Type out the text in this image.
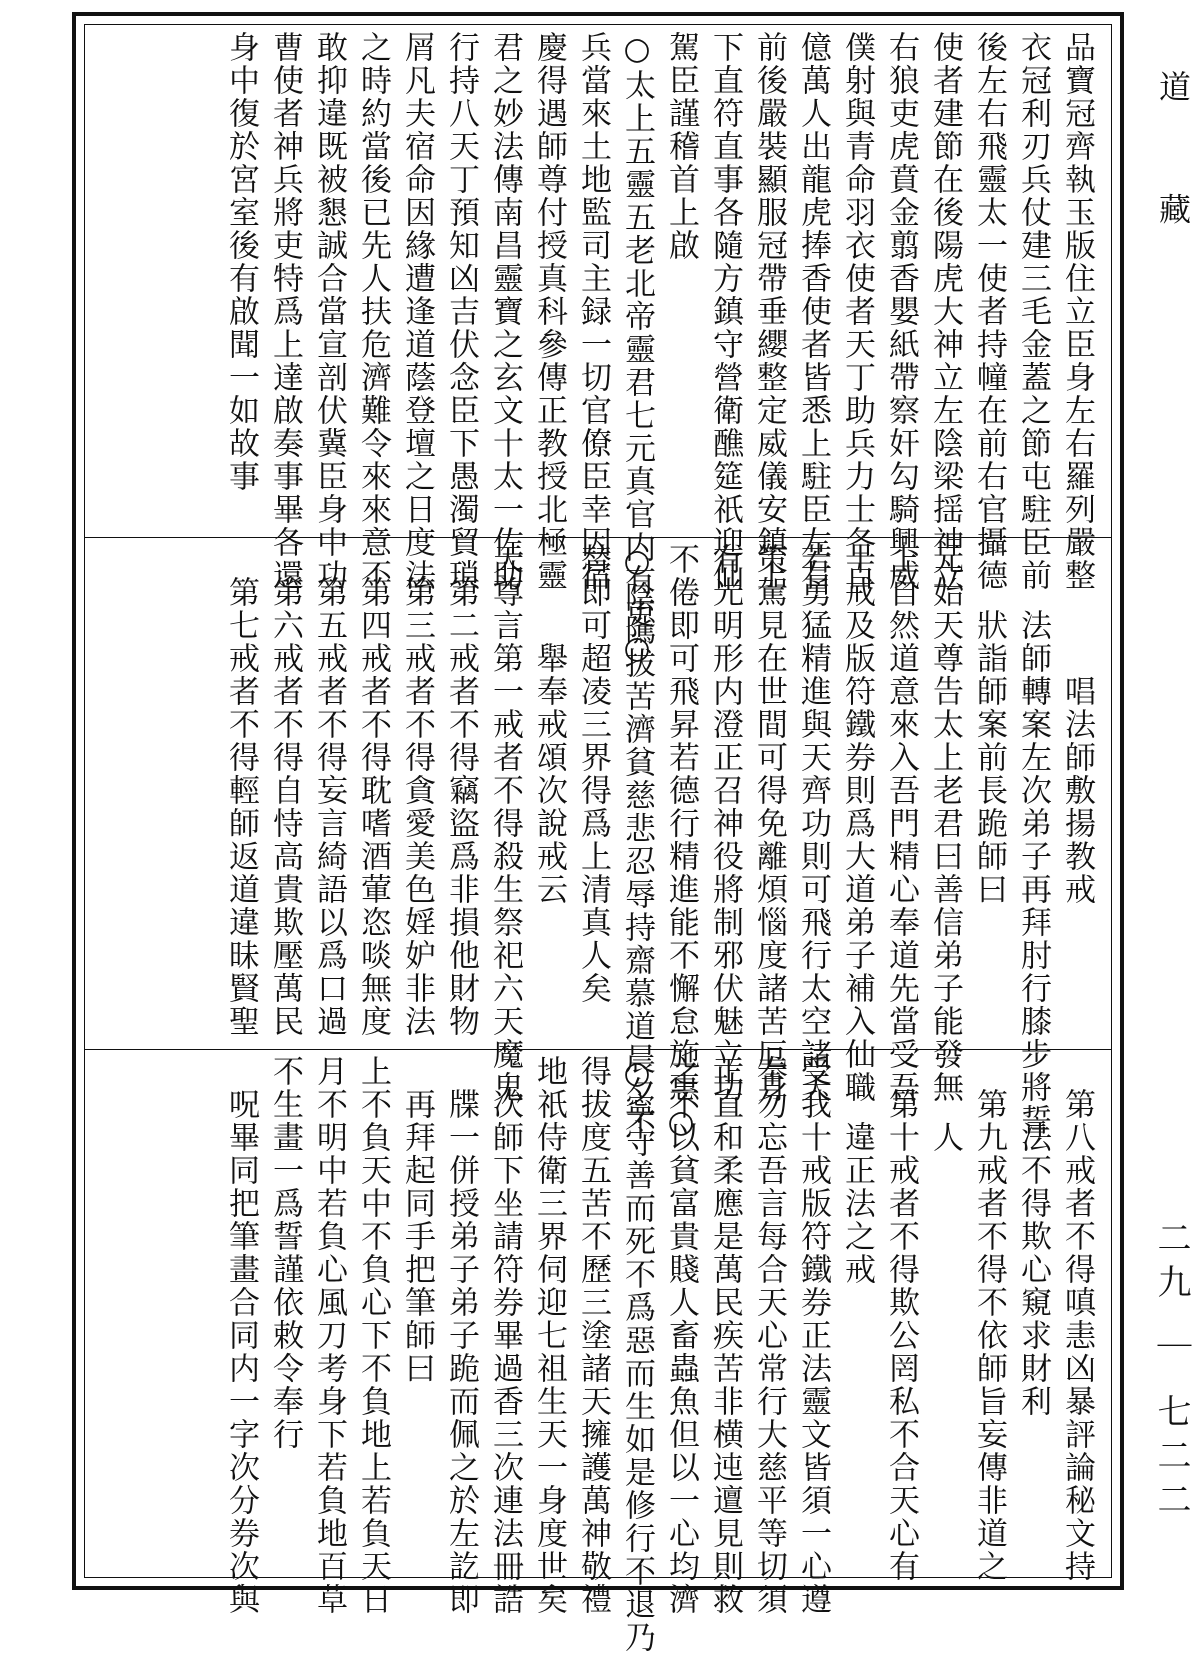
道 藏
二九 ｜ 七二二
品寶冠齊執玉版住立臣身左右羅列嚴整
衣冠利刃兵仗建三毛金蓋之節屯駐臣前
後左右飛靈太一使者持幢在前右官攝德
使者建節在後陽虎大神立左陰梁揺神立
右狼吏虎賁金翦香嬰紙帶察奸勾騎興威
僕射與青命羽衣使者天丁助兵力士各百
億萬人出龍虎捧香使者皆悉上駐臣左右
前後嚴裝顯服冠帶垂纓整定威儀安鎮上
下直符直事各隨方鎮守營衛醮筵祇迎仙
駕臣謹稽首上啟
○太上五靈五老北帝靈君七元真官内有吏○
兵當來土地監司主録一切官僚臣幸因宿
慶得遇師尊付授真科參傳正教授北極靈
君之妙法傳南昌靈寶之玄文十太一佐助
行持八天丁預知凶吉伏念臣下愚濁貿瑣
屑凡夫宿命因緣遭逢道蔭登壇之日度法
之時約當後已先人扶危濟難令來來意不
敢抑違既被懇誠合當宣剖伏冀臣身中功
曹使者神兵將吏特爲上達啟奏事畢各還
身中復於宮室後有啟聞一如故事
唱法師敷揚教戒
法師轉案左次弟子再拜肘行膝步將誓
狀詣師案前長跪師曰
元始天尊告太上老君曰善信弟子能發無
上自然道意來入吾門精心奉道先當受吾
十戒及版符鐵券則爲大道弟子補入仙職
若勇猛精進與天齊功則可飛行太空諸天
策駕見在世間可得免離煩惱度諸苦厄身
有光明形内澄正召神役將制邪伏魅立功
不倦即可飛昇若德行精進能不懈怠施惠○
○陰隲拔苦濟貧慈悲忍辱持齋慕道晨夕不
替即可超凌三界得爲上清真人矣
舉奉戒頌次說戒云
天尊言第一戒者不得殺生祭祀六天魔鬼
第二戒者不得竊盜爲非損他財物
第三戒者不得貪愛美色婬妒非法
第四戒者不得耽嗜酒葷恣啖無度
第五戒者不得妄言綺語以爲口過
第六戒者不得自恃高貴欺壓萬民
第七戒者不得輕師返道違昧賢聖
第八戒者不得嗔恚凶暴評論秘文持
法不得欺心窺求財利
第九戒者不得不依師旨妄傳非道之
人
第十戒者不得欺公罔私不合天心有
違正法之戒
受我十戒版符鐵券正法靈文皆須一心遵
奉勿忘吾言每合天心常行大慈平等切須
正直和柔應是萬民疾苦非横迍邅見則救
之不以貧富貴賤人畜蟲魚但以一心均濟
○寧守善而死不爲惡而生如是修行不退乃
得拔度五苦不歷三塗諸天擁護萬神敬禮
地祇侍衛三界伺迎七祖生天一身度世矣
次師下坐請符券畢過香三次連法冊誥
牒一併授弟子弟子跪而佩之於左訖即
再拜起同手把筆師曰
上不負天中不負心下不負地上若負天日
月不明中若負心風刀考身下若負地百草
不生畫一爲誓謹依敕令奉行
呪畢同把筆畫合同内一字次分券次與
